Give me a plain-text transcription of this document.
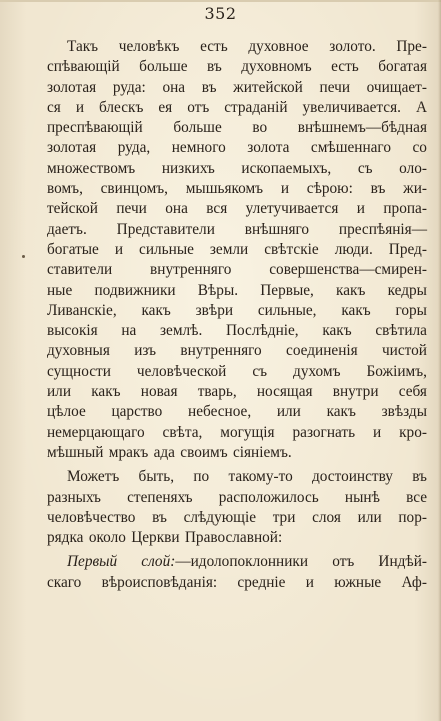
352
Такъ человѣкъ есть духовное золото. Пре-
спѣвающій больше въ духовномъ есть богатая
золотая руда: она въ житейской печи очищает-
ся и блескъ ея отъ страданій увеличивается. А
преспѣвающій больше во внѣшнемъ—бѣдная
золотая руда, немного золота смѣшеннаго со
множествомъ низкихъ ископаемыхъ, съ оло-
вомъ, свинцомъ, мышьякомъ и сѣрою: въ жи-
тейской печи она вся улетучивается и пропа-
даетъ. Представители внѣшняго преспѣянія—
богатые и сильные земли свѣтскіе люди. Пред-
ставители внутренняго совершенства—смирен-
ные подвижники Вѣры. Первые, какъ кедры
Ливанскіе, какъ звѣри сильные, какъ горы
высокія на землѣ. Послѣдніе, какъ свѣтила
духовныя изъ внутренняго соединенія чистой
сущности человѣческой съ духомъ Божіимъ,
или какъ новая тварь, носящая внутри себя
цѣлое царство небесное, или какъ звѣзды
немерцающаго свѣта, могущія разогнать и кро-
мѣшный мракъ ада своимъ сіяніемъ.
Можетъ быть, по такому-то достоинству въ
разныхъ степеняхъ расположилось нынѣ все
человѣчество въ слѣдующіе три слоя или пор-
рядка около Церкви Православной:
Первый слой:—идолопоклонники отъ Индѣй-
скаго вѣроисповѣданія: средніе и южные Аф-
